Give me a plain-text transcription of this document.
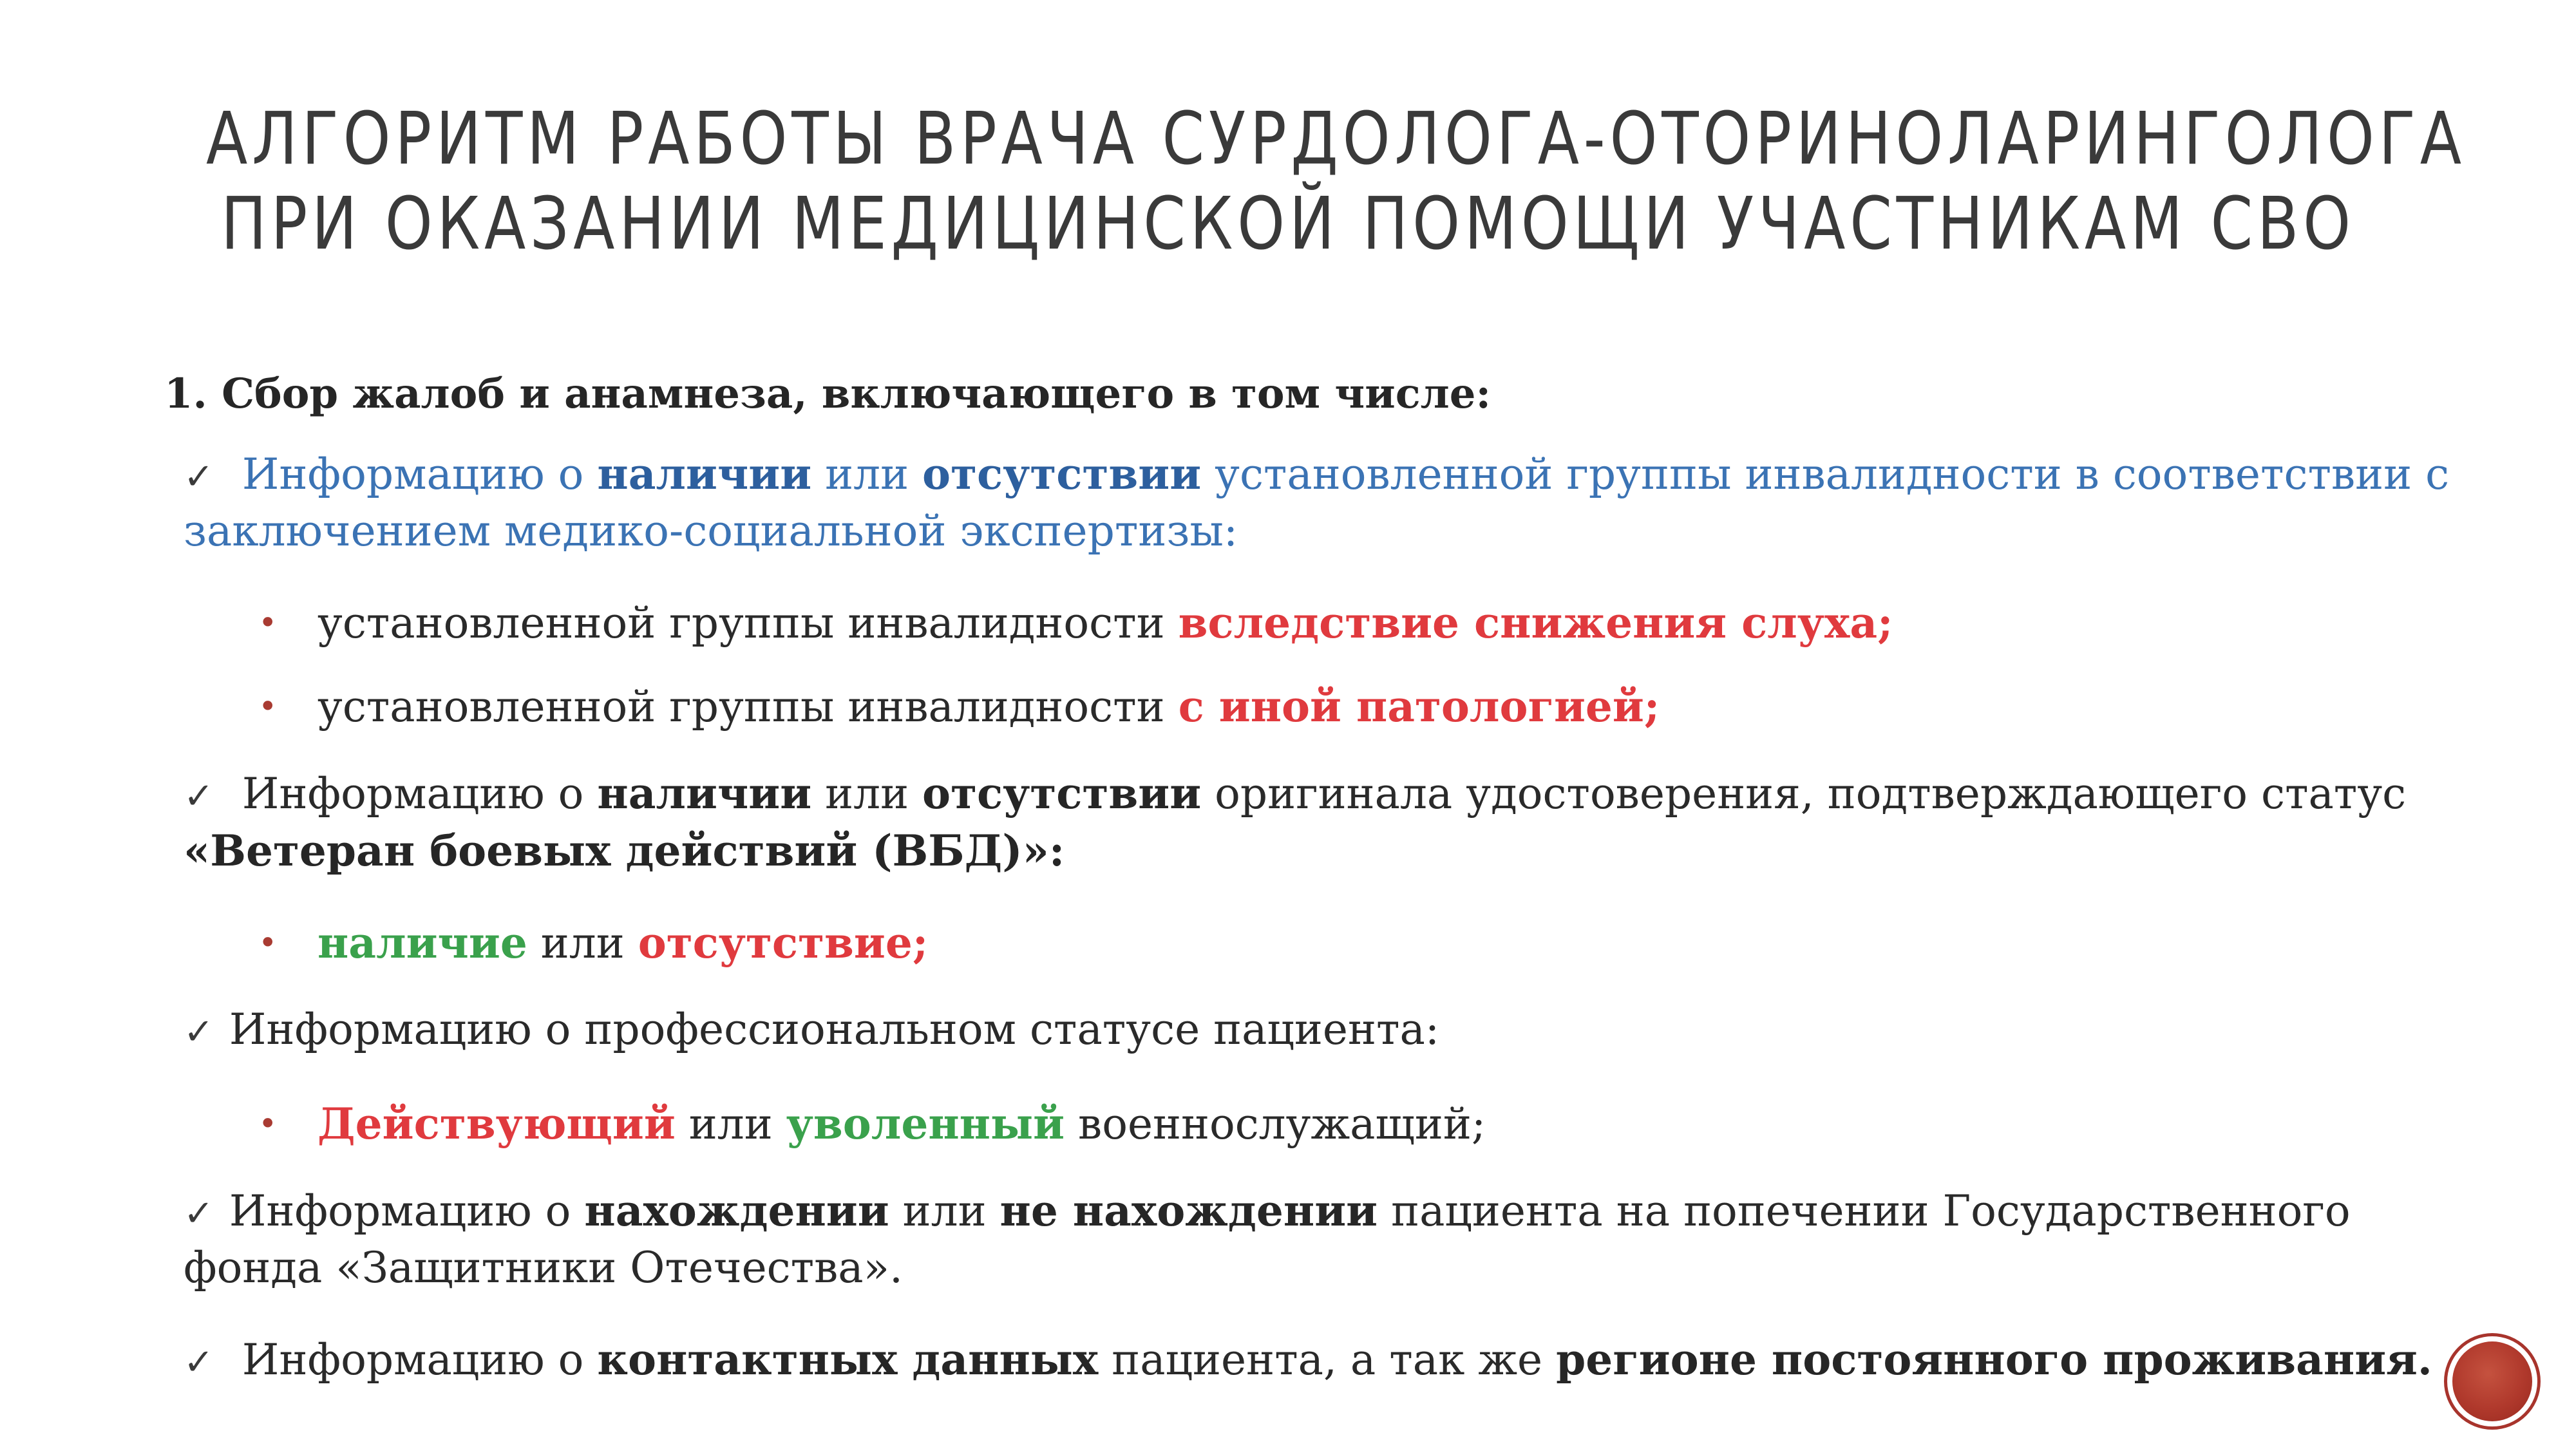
АЛГОРИТМ РАБОТЫ ВРАЧА СУРДОЛОГА-ОТОРИНОЛАРИНГОЛОГА
ПРИ ОКАЗАНИИ МЕДИЦИНСКОЙ ПОМОЩИ УЧАСТНИКАМ СВО
1. Сбор жалоб и анамнеза, включающего в том числе:
✓ Информацию о наличии или отсутствии установленной группы инвалидности в соответствии с заключением медико-социальной экспертизы:
• установленной группы инвалидности вследствие снижения слуха;
• установленной группы инвалидности с иной патологией;
✓ Информацию о наличии или отсутствии оригинала удостоверения, подтверждающего статус «Ветеран боевых действий (ВБД)»:
• наличие или отсутствие;
✓ Информацию о профессиональном статусе пациента:
• Действующий или уволенный военнослужащий;
✓ Информацию о нахождении или не нахождении пациента на попечении Государственного фонда «Защитники Отечества».
✓ Информацию о контактных данных пациента, а так же регионе постоянного проживания.
